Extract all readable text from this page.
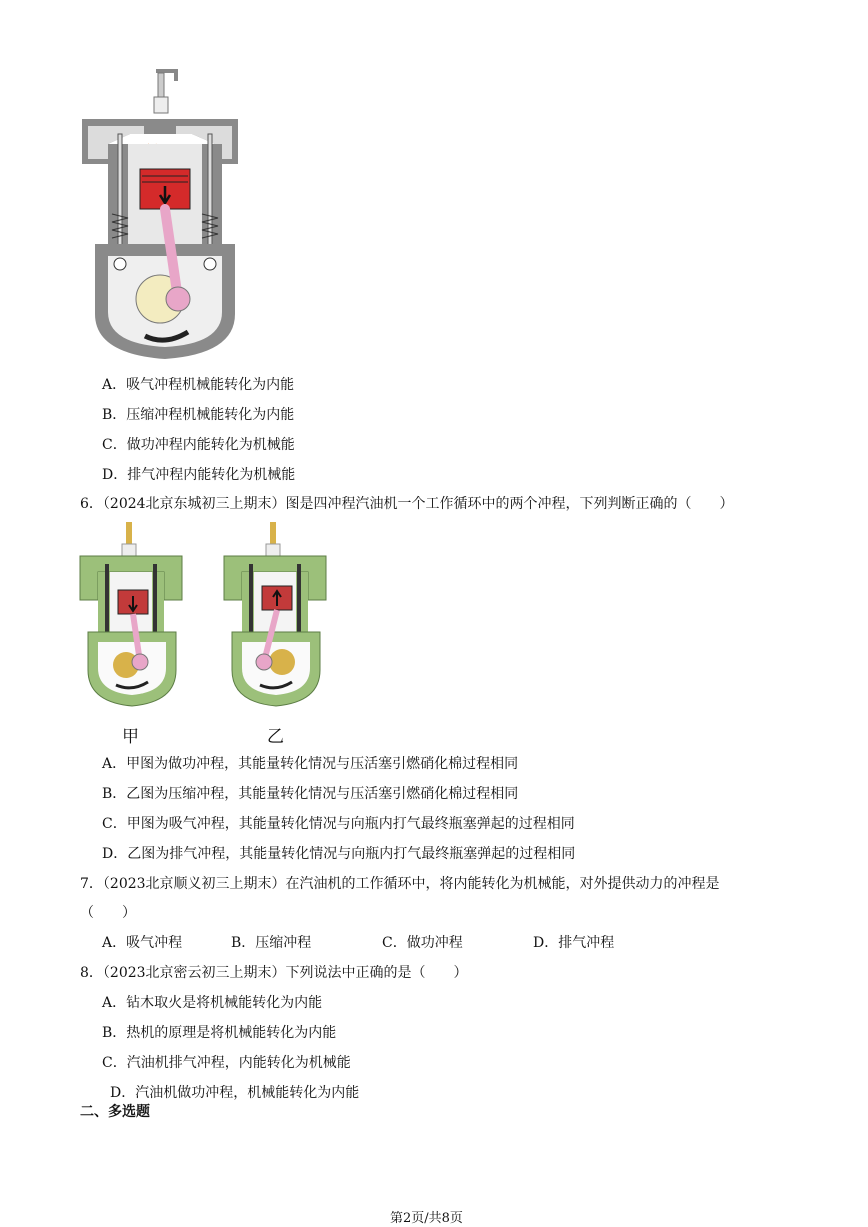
A．吸气冲程机械能转化为内能
B．压缩冲程机械能转化为内能
C．做功冲程内能转化为机械能
D．排气冲程内能转化为机械能
6．（2024北京东城初三上期末）图是四冲程汽油机一个工作循环中的两个冲程，下列判断正确的（　　）
甲	乙
A．甲图为做功冲程，其能量转化情况与压活塞引燃硝化棉过程相同
B．乙图为压缩冲程，其能量转化情况与压活塞引燃硝化棉过程相同
C．甲图为吸气冲程，其能量转化情况与向瓶内打气最终瓶塞弹起的过程相同
D．乙图为排气冲程，其能量转化情况与向瓶内打气最终瓶塞弹起的过程相同
7．（2023北京顺义初三上期末）在汽油机的工作循环中，将内能转化为机械能，对外提供动力的冲程是
（　　）
A．吸气冲程	B．压缩冲程	C．做功冲程	D．排气冲程
8．（2023北京密云初三上期末）下列说法中正确的是（　　）
A．钻木取火是将机械能转化为内能
B．热机的原理是将机械能转化为内能
C．汽油机排气冲程，内能转化为机械能
D．汽油机做功冲程，机械能转化为内能
二、多选题
第2页/共8页
